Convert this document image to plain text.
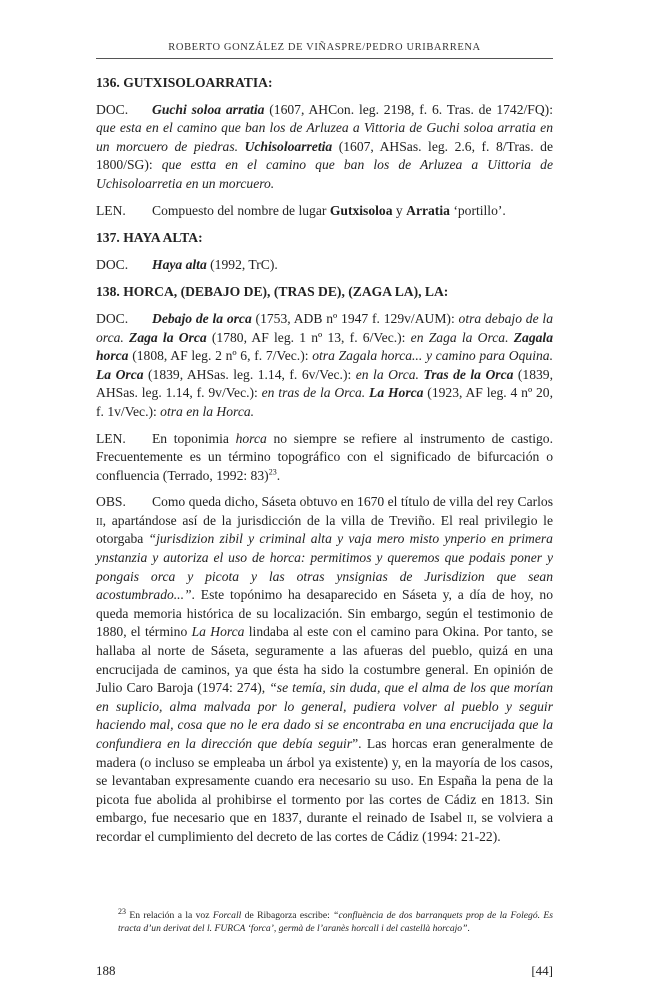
ROBERTO GONZÁLEZ DE VIÑASPRE/PEDRO URIBARRENA
136. GUTXISOLOARRATIA:

DOC. Guchi soloa arratia (1607, AHCon. leg. 2198, f. 6. Tras. de 1742/FQ): que esta en el camino que ban los de Arluzea a Vittoria de Guchi soloa arratia en un morcuero de piedras. Uchisoloarretia (1607, AHSas. leg. 2.6, f. 8/Tras. de 1800/SG): que estta en el camino que ban los de Arluzea a Uittoria de Uchisoloarretia en un morcuero.

LEN. Compuesto del nombre de lugar Gutxisoloa y Arratia ‘portillo’.

137. HAYA ALTA:

DOC. Haya alta (1992, TrC).

138. HORCA, (DEBAJO DE), (TRAS DE), (ZAGA LA), LA:

DOC. Debajo de la orca (1753, ADB nº 1947 f. 129v/AUM): otra debajo de la orca. Zaga la Orca (1780, AF leg. 1 nº 13, f. 6/Vec.): en Zaga la Orca. Zagala horca (1808, AF leg. 2 nº 6, f. 7/Vec.): otra Zagala horca... y camino para Oquina. La Orca (1839, AHSas. leg. 1.14, f. 6v/Vec.): en la Orca. Tras de la Orca (1839, AHSas. leg. 1.14, f. 9v/Vec.): en tras de la Orca. La Horca (1923, AF leg. 4 nº 20, f. 1v/Vec.): otra en la Horca.

LEN. En toponimia horca no siempre se refiere al instrumento de castigo. Frecuentemente es un término topográfico con el significado de bifurcación o confluencia (Terrado, 1992: 83)$^{23}$.

OBS. Como queda dicho, Sáseta obtuvo en 1670 el título de villa del rey Carlos ii, apartándose así de la jurisdicción de la villa de Treviño. El real privilegio le otorgaba “jurisdizion zibil y criminal alta y vaja mero misto ynperio en primera ynstanzia y autoriza el uso de horca: permitimos y queremos que podais poner y pongais orca y picota y las otras ynsignias de Jurisdizion que sean acostumbrado...”. Este topónimo ha desaparecido en Sáseta y, a día de hoy, no queda memoria histórica de su localización. Sin embargo, según el testimonio de 1880, el término La Horca lindaba al este con el camino para Okina. Por tanto, se hallaba al norte de Sáseta, seguramente a las afueras del pueblo, quizá en una encrucijada de caminos, ya que ésta ha sido la costumbre general. En opinión de Julio Caro Baroja (1974: 274), “se temía, sin duda, que el alma de los que morían en suplicio, alma malvada por lo general, pudiera volver al pueblo y seguir haciendo mal, cosa que no le era dado si se encontraba en una encrucijada que la confundiera en la dirección que debía seguir”. Las horcas eran generalmente de madera (o incluso se empleaba un árbol ya existente) y, en la mayoría de los casos, se levantaban expresamente cuando era necesario su uso. En España la pena de la picota fue abolida al prohibirse el tormento por las cortes de Cádiz en 1813. Sin embargo, fue necesario que en 1837, durante el reinado de Isabel ii, se volviera a recordar el cumplimiento del decreto de las cortes de Cádiz (1994: 21-22).

$^{23}$ En relación a la voz Forcall de Ribagorza escribe: “confluència de dos barranquets prop de la Folegó. Es tracta d’un derivat del l. FURCA ‘forca’, germà de l’aranès horcall i del castellà horcajo”.
188	[44]
